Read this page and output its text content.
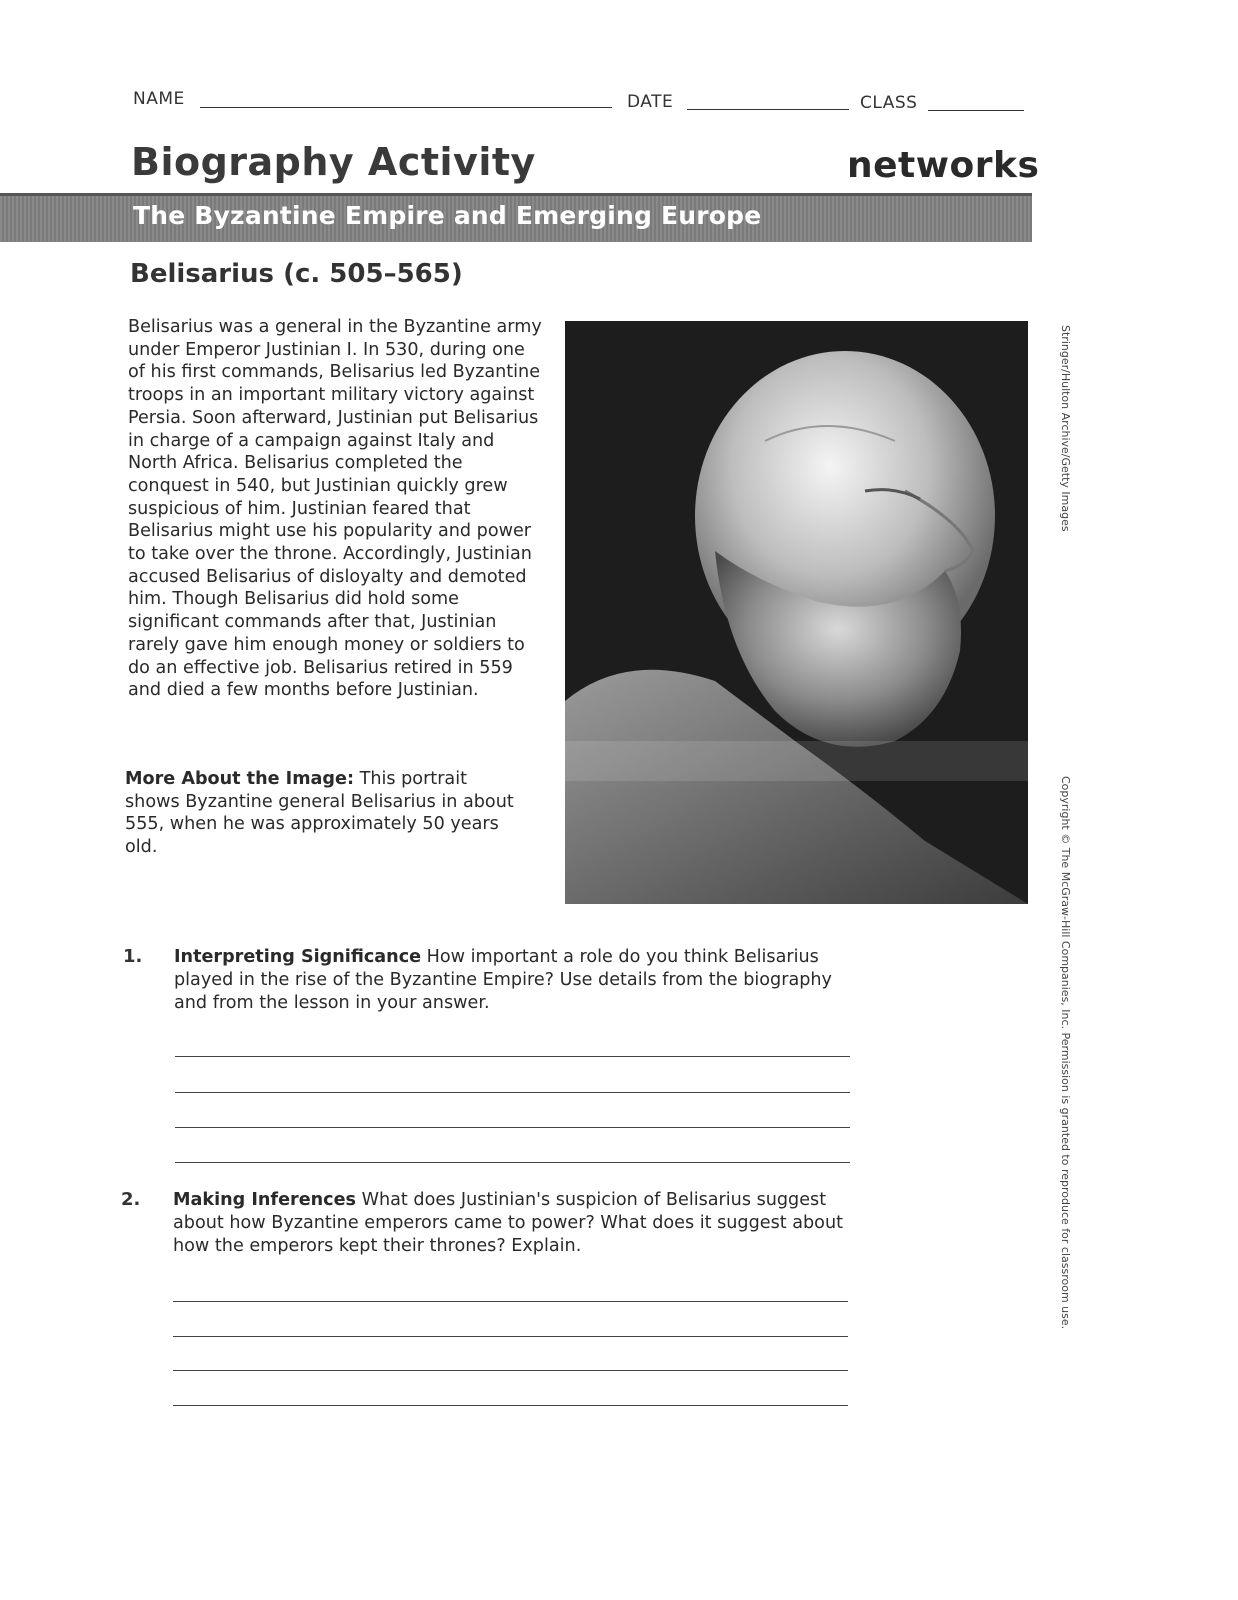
NAME	DATE	CLASS
Biography Activity	networks
The Byzantine Empire and Emerging Europe
Belisarius (c. 505–565)
Belisarius was a general in the Byzantine army under Emperor Justinian I. In 530, during one of his first commands, Belisarius led Byzantine troops in an important military victory against Persia. Soon afterward, Justinian put Belisarius in charge of a campaign against Italy and North Africa. Belisarius completed the conquest in 540, but Justinian quickly grew suspicious of him. Justinian feared that Belisarius might use his popularity and power to take over the throne. Accordingly, Justinian accused Belisarius of disloyalty and demoted him. Though Belisarius did hold some significant commands after that, Justinian rarely gave him enough money or soldiers to do an effective job. Belisarius retired in 559 and died a few months before Justinian.
More About the Image: This portrait shows Byzantine general Belisarius in about 555, when he was approximately 50 years old.
Stringer/Hulton Archive/Getty Images
Copyright © The McGraw-Hill Companies, Inc. Permission is granted to reproduce for classroom use.
1. Interpreting Significance How important a role do you think Belisarius played in the rise of the Byzantine Empire? Use details from the biography and from the lesson in your answer.
2. Making Inferences What does Justinian's suspicion of Belisarius suggest about how Byzantine emperors came to power? What does it suggest about how the emperors kept their thrones? Explain.
